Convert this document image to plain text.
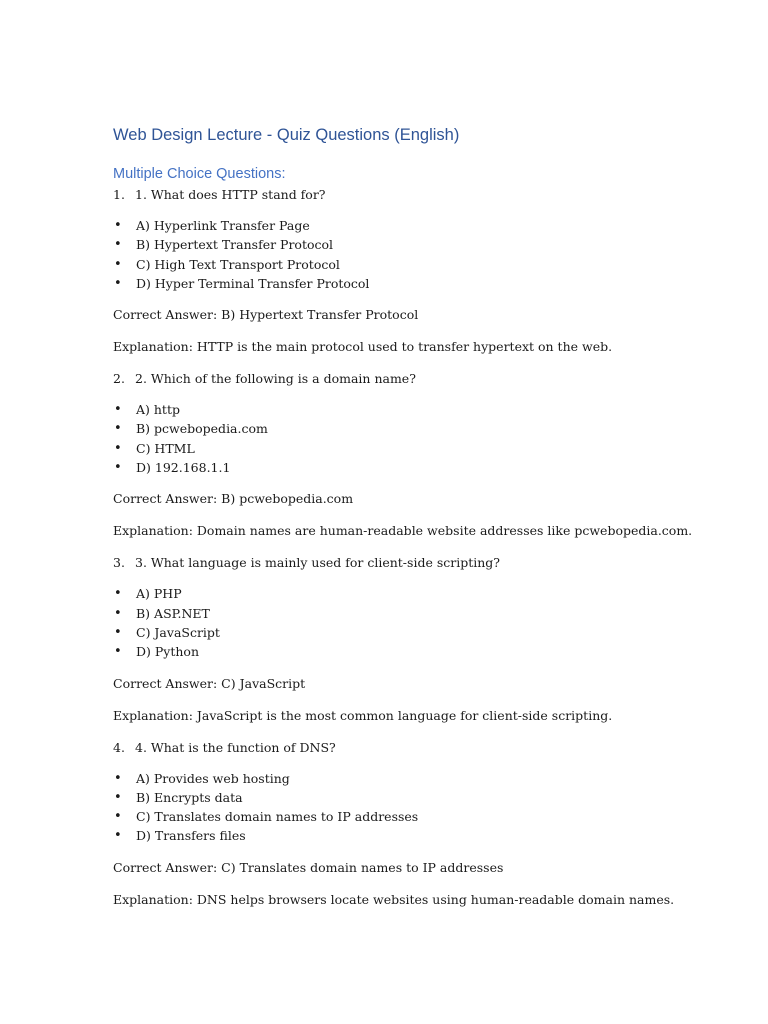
Web Design Lecture - Quiz Questions (English)
Multiple Choice Questions:
1. 1. What does HTTP stand for?
•	A) Hyperlink Transfer Page
•	B) Hypertext Transfer Protocol
•	C) High Text Transport Protocol
•	D) Hyper Terminal Transfer Protocol

Correct Answer: B) Hypertext Transfer Protocol

Explanation: HTTP is the main protocol used to transfer hypertext on the web.

2. 2. Which of the following is a domain name?
•	A) http
•	B) pcwebopedia.com
•	C) HTML
•	D) 192.168.1.1

Correct Answer: B) pcwebopedia.com

Explanation: Domain names are human-readable website addresses like pcwebopedia.com.

3. 3. What language is mainly used for client-side scripting?
•	A) PHP
•	B) ASP.NET
•	C) JavaScript
•	D) Python

Correct Answer: C) JavaScript

Explanation: JavaScript is the most common language for client-side scripting.

4. 4. What is the function of DNS?
•	A) Provides web hosting
•	B) Encrypts data
•	C) Translates domain names to IP addresses
•	D) Transfers files

Correct Answer: C) Translates domain names to IP addresses

Explanation: DNS helps browsers locate websites using human-readable domain names.
